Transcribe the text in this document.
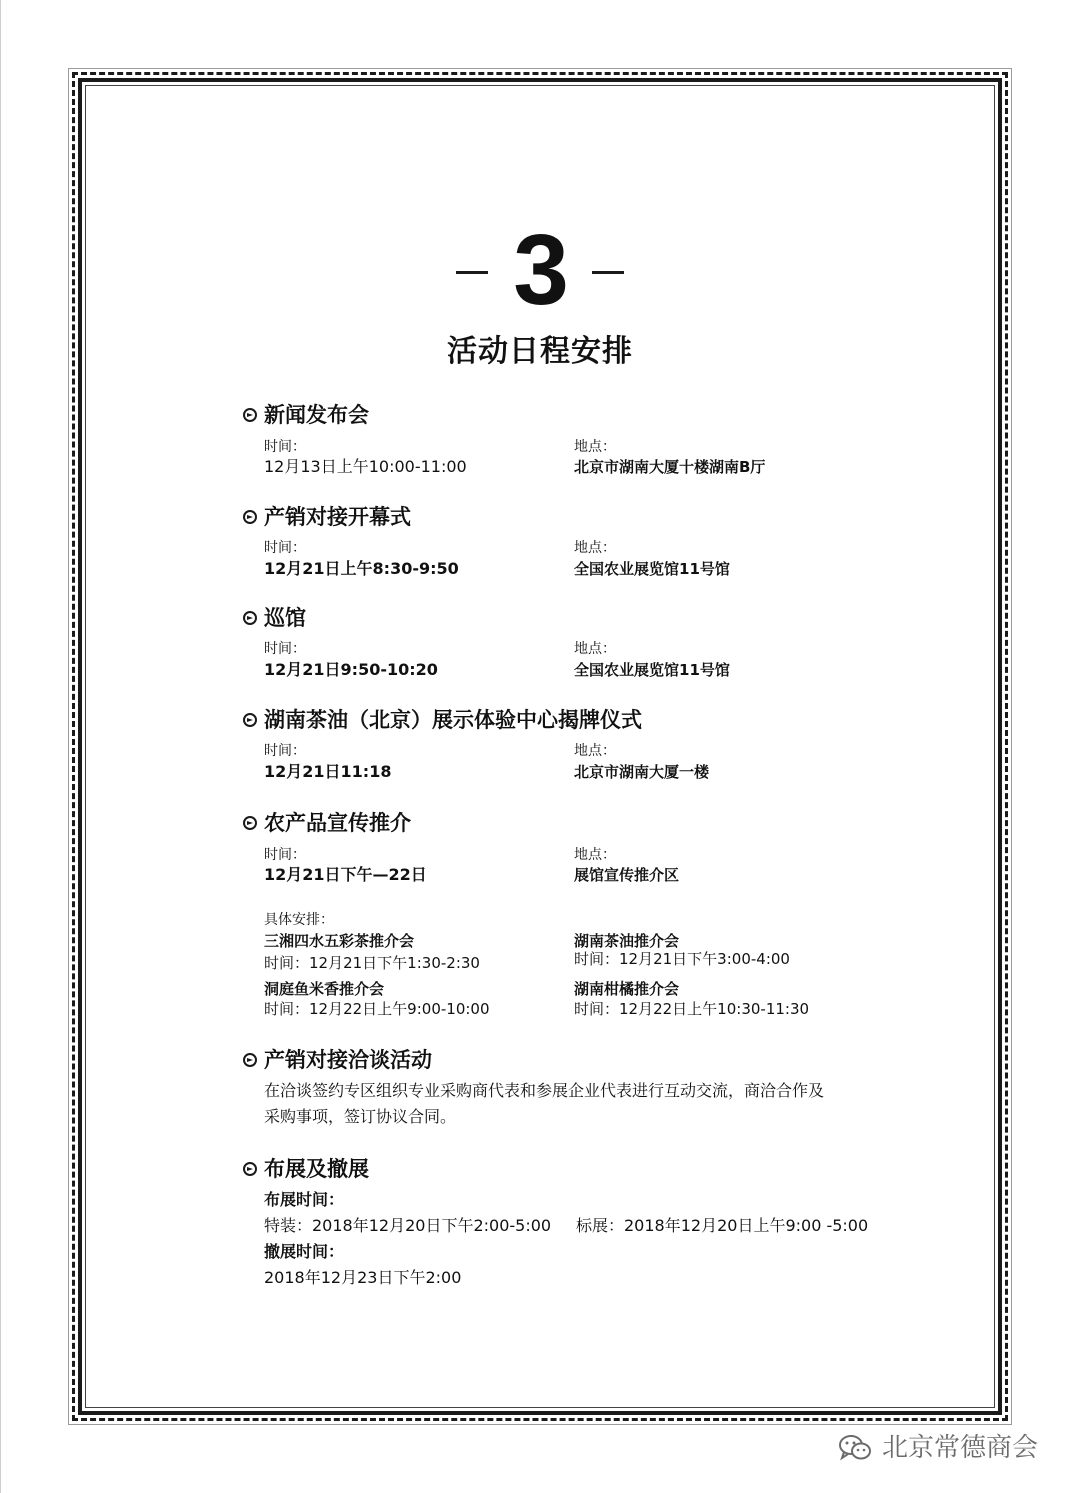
3
活动日程安排
新闻发布会
时间：
12月13日上午10:00-11:00
地点：
北京市湖南大厦十楼湖南B厅
产销对接开幕式
时间：
12月21日上午8:30-9:50
地点：
全国农业展览馆11号馆
巡馆
时间：
12月21日9:50-10:20
地点：
全国农业展览馆11号馆
湖南茶油（北京）展示体验中心揭牌仪式
时间：
12月21日11:18
地点：
北京市湖南大厦一楼
农产品宣传推介
时间：
12月21日下午—22日
地点：
展馆宣传推介区
具体安排：
三湘四水五彩茶推介会
时间：12月21日下午1:30-2:30
湖南茶油推介会
时间：12月21日下午3:00-4:00
洞庭鱼米香推介会
时间：12月22日上午9:00-10:00
湖南柑橘推介会
时间：12月22日上午10:30-11:30
产销对接洽谈活动
在洽谈签约专区组织专业采购商代表和参展企业代表进行互动交流，商洽合作及采购事项，签订协议合同。
布展及撤展
布展时间：
特装：2018年12月20日下午2:00-5:00 标展：2018年12月20日上午9:00 -5:00
撤展时间：
2018年12月23日下午2:00
北京常德商会
